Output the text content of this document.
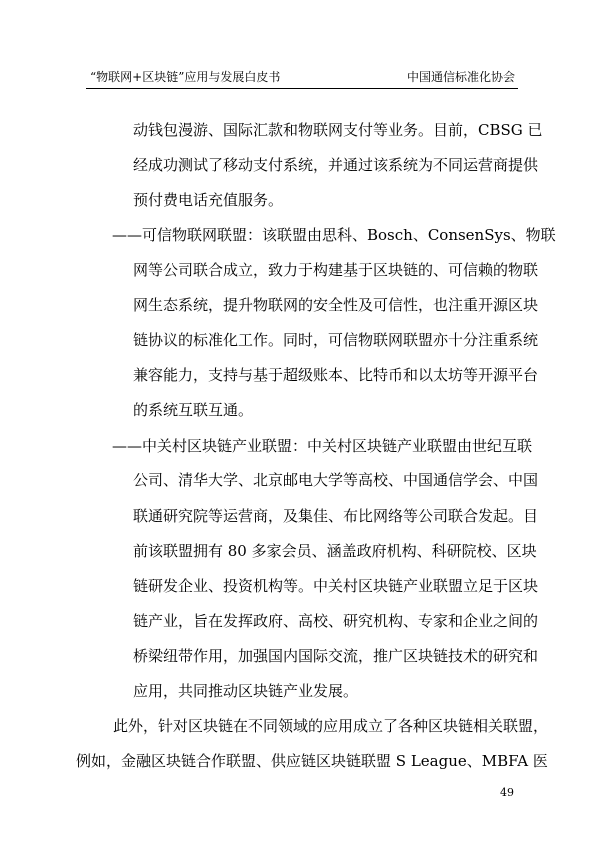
“物联网+区块链”应用与发展白皮书	中国通信标准化协会
动钱包漫游、国际汇款和物联网支付等业务。目前，CBSG 已
经成功测试了移动支付系统，并通过该系统为不同运营商提供
预付费电话充值服务。
——可信物联网联盟：该联盟由思科、Bosch、ConsenSys、物联
网等公司联合成立，致力于构建基于区块链的、可信赖的物联
网生态系统，提升物联网的安全性及可信性，也注重开源区块
链协议的标准化工作。同时，可信物联网联盟亦十分注重系统
兼容能力，支持与基于超级账本、比特币和以太坊等开源平台
的系统互联互通。
——中关村区块链产业联盟：中关村区块链产业联盟由世纪互联
公司、清华大学、北京邮电大学等高校、中国通信学会、中国
联通研究院等运营商，及集佳、布比网络等公司联合发起。目
前该联盟拥有 80 多家会员、涵盖政府机构、科研院校、区块
链研发企业、投资机构等。中关村区块链产业联盟立足于区块
链产业，旨在发挥政府、高校、研究机构、专家和企业之间的
桥梁纽带作用，加强国内国际交流，推广区块链技术的研究和
应用，共同推动区块链产业发展。
此外，针对区块链在不同领域的应用成立了各种区块链相关联盟，
例如，金融区块链合作联盟、供应链区块链联盟 S League、MBFA 医
49
